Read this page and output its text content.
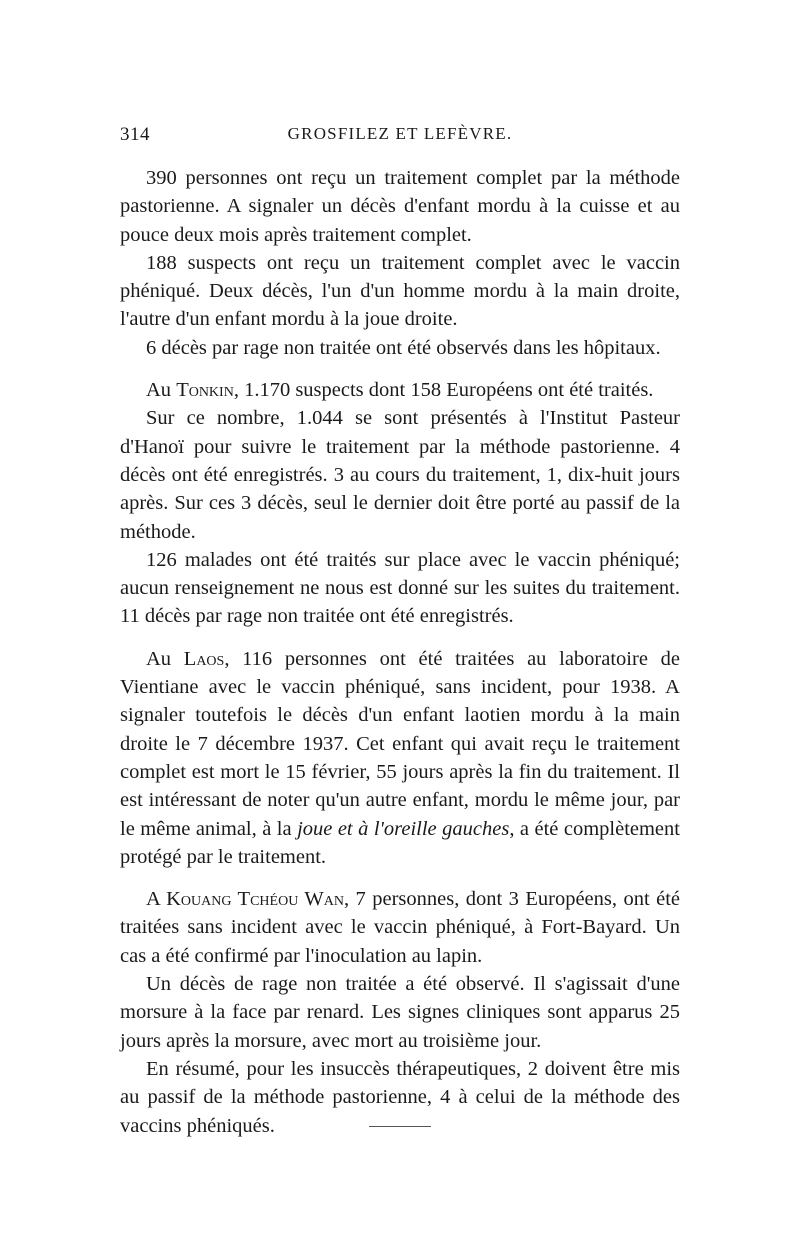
314	GROSFILEZ ET LEFÈVRE.

390 personnes ont reçu un traitement complet par la méthode pastorienne. A signaler un décès d'enfant mordu à la cuisse et au pouce deux mois après traitement complet.

188 suspects ont reçu un traitement complet avec le vaccin phéniqué. Deux décès, l'un d'un homme mordu à la main droite, l'autre d'un enfant mordu à la joue droite.

6 décès par rage non traitée ont été observés dans les hôpitaux.

Au Tonkin, 1.170 suspects dont 158 Européens ont été traités.

Sur ce nombre, 1.044 se sont présentés à l'Institut Pasteur d'Hanoï pour suivre le traitement par la méthode pastorienne. 4 décès ont été enregistrés. 3 au cours du traitement, 1, dix-huit jours après. Sur ces 3 décès, seul le dernier doit être porté au passif de la méthode.

126 malades ont été traités sur place avec le vaccin phéniqué; aucun renseignement ne nous est donné sur les suites du traitement. 11 décès par rage non traitée ont été enregistrés.

Au Laos, 116 personnes ont été traitées au laboratoire de Vientiane avec le vaccin phéniqué, sans incident, pour 1938. A signaler toutefois le décès d'un enfant laotien mordu à la main droite le 7 décembre 1937. Cet enfant qui avait reçu le traitement complet est mort le 15 février, 55 jours après la fin du traitement. Il est intéressant de noter qu'un autre enfant, mordu le même jour, par le même animal, à la joue et à l'oreille gauches, a été complètement protégé par le traitement.

A Kouang Tchéou Wan, 7 personnes, dont 3 Européens, ont été traitées sans incident avec le vaccin phéniqué, à Fort-Bayard. Un cas a été confirmé par l'inoculation au lapin.

Un décès de rage non traitée a été observé. Il s'agissait d'une morsure à la face par renard. Les signes cliniques sont apparus 25 jours après la morsure, avec mort au troisième jour.

En résumé, pour les insuccès thérapeutiques, 2 doivent être mis au passif de la méthode pastorienne, 4 à celui de la méthode des vaccins phéniqués.
